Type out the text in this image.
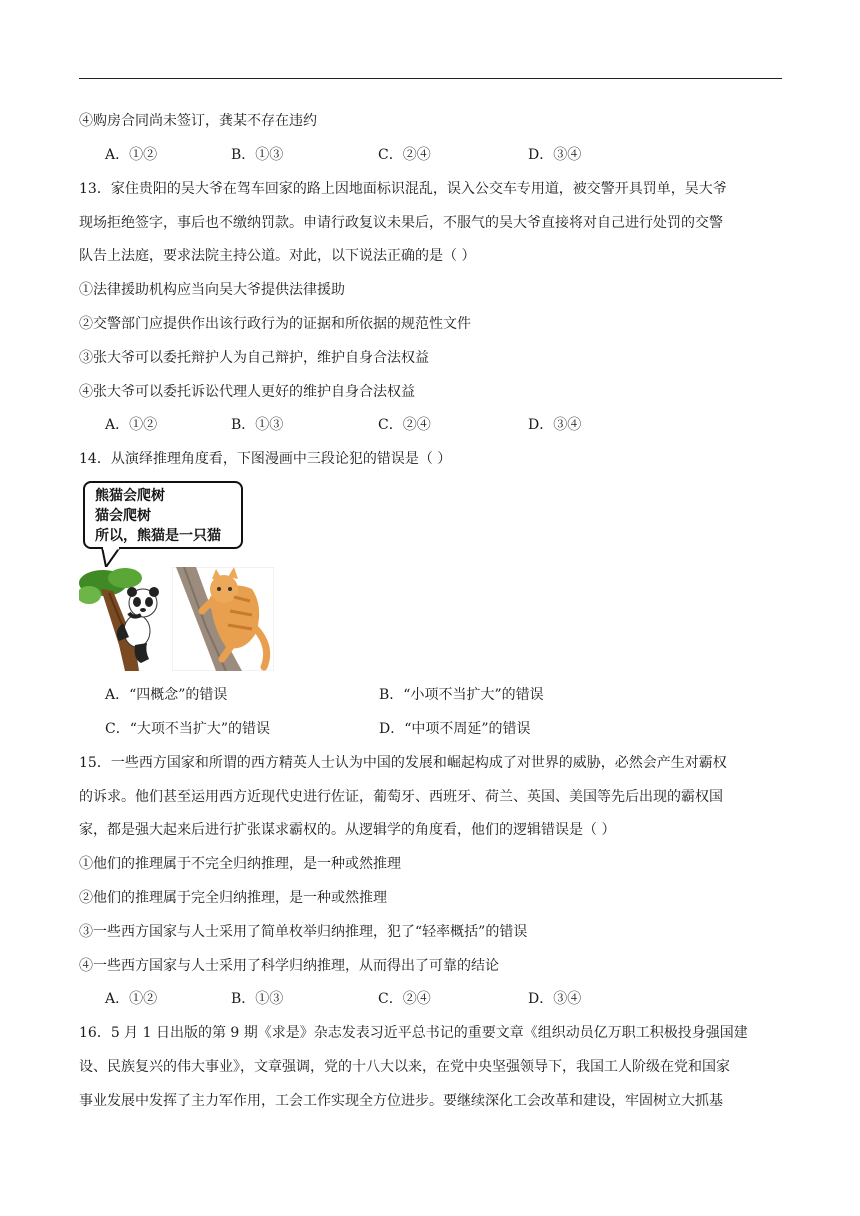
④购房合同尚未签订，龚某不存在违约
A．①②	B．①③	C．②④	D．③④
13．家住贵阳的吴大爷在驾车回家的路上因地面标识混乱，误入公交车专用道，被交警开具罚单，吴大爷
现场拒绝签字，事后也不缴纳罚款。申请行政复议未果后，不服气的吴大爷直接将对自己进行处罚的交警
队告上法庭，要求法院主持公道。对此，以下说法正确的是（ ）
①法律援助机构应当向吴大爷提供法律援助
②交警部门应提供作出该行政行为的证据和所依据的规范性文件
③张大爷可以委托辩护人为自己辩护，维护自身合法权益
④张大爷可以委托诉讼代理人更好的维护自身合法权益
A．①②	B．①③	C．②④	D．③④
14．从演绎推理角度看，下图漫画中三段论犯的错误是（ ）
熊猫会爬树
猫会爬树
所以，熊猫是一只猫
A．“四概念”的错误	B．“小项不当扩大”的错误
C．“大项不当扩大”的错误	D．“中项不周延”的错误
15．一些西方国家和所谓的西方精英人士认为中国的发展和崛起构成了对世界的威胁，必然会产生对霸权
的诉求。他们甚至运用西方近现代史进行佐证，葡萄牙、西班牙、荷兰、英国、美国等先后出现的霸权国
家，都是强大起来后进行扩张谋求霸权的。从逻辑学的角度看，他们的逻辑错误是（ ）
①他们的推理属于不完全归纳推理，是一种或然推理
②他们的推理属于完全归纳推理，是一种或然推理
③一些西方国家与人士采用了简单枚举归纳推理，犯了“轻率概括”的错误
④一些西方国家与人士采用了科学归纳推理，从而得出了可靠的结论
A．①②	B．①③	C．②④	D．③④
16．5 月 1 日出版的第 9 期《求是》杂志发表习近平总书记的重要文章《组织动员亿万职工积极投身强国建
设、民族复兴的伟大事业》，文章强调，党的十八大以来，在党中央坚强领导下，我国工人阶级在党和国家
事业发展中发挥了主力军作用，工会工作实现全方位进步。要继续深化工会改革和建设，牢固树立大抓基
